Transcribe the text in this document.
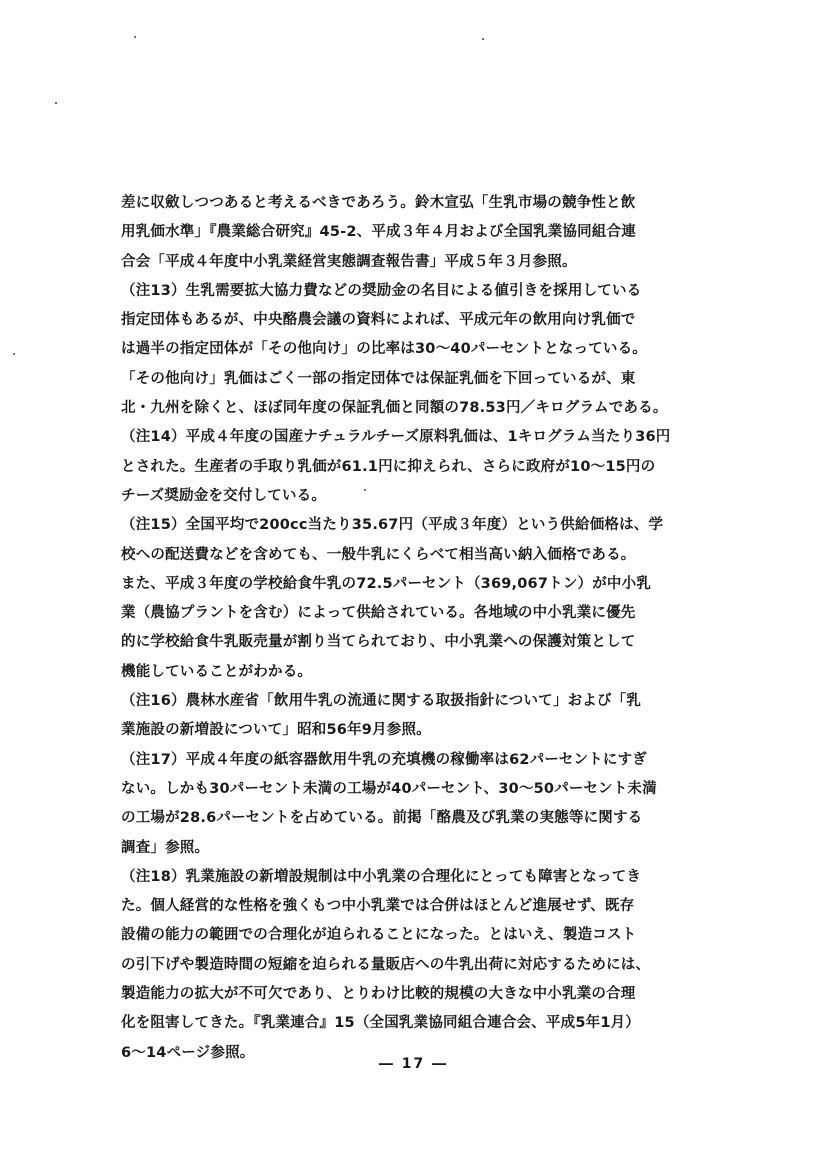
差に収斂しつつあると考えるべきであろう。鈴木宣弘「生乳市場の競争性と飲
用乳価水準」『農業総合研究』45-2、平成３年４月および全国乳業協同組合連
合会「平成４年度中小乳業経営実態調査報告書」平成５年３月参照。
（注13）生乳需要拡大協力費などの奨励金の名目による値引きを採用している
指定団体もあるが、中央酪農会議の資料によれば、平成元年の飲用向け乳価で
は過半の指定団体が「その他向け」の比率は30～40パーセントとなっている。
「その他向け」乳価はごく一部の指定団体では保証乳価を下回っているが、東
北・九州を除くと、ほぼ同年度の保証乳価と同額の78.53円／キログラムである。
（注14）平成４年度の国産ナチュラルチーズ原料乳価は、1キログラム当たり36円
とされた。生産者の手取り乳価が61.1円に抑えられ、さらに政府が10～15円の
チーズ奨励金を交付している。
（注15）全国平均で200cc当たり35.67円（平成３年度）という供給価格は、学
校への配送費などを含めても、一般牛乳にくらべて相当高い納入価格である。
また、平成３年度の学校給食牛乳の72.5パーセント（369,067トン）が中小乳
業（農協プラントを含む）によって供給されている。各地域の中小乳業に優先
的に学校給食牛乳販売量が割り当てられており、中小乳業への保護対策として
機能していることがわかる。
（注16）農林水産省「飲用牛乳の流通に関する取扱指針について」および「乳
業施設の新増設について」昭和56年9月参照。
（注17）平成４年度の紙容器飲用牛乳の充填機の稼働率は62パーセントにすぎ
ない。しかも30パーセント未満の工場が40パーセント、30～50パーセント未満
の工場が28.6パーセントを占めている。前掲「酪農及び乳業の実態等に関する
調査」参照。
（注18）乳業施設の新増設規制は中小乳業の合理化にとっても障害となってき
た。個人経営的な性格を強くもつ中小乳業では合併はほとんど進展せず、既存
設備の能力の範囲での合理化が迫られることになった。とはいえ、製造コスト
の引下げや製造時間の短縮を迫られる量販店への牛乳出荷に対応するためには、
製造能力の拡大が不可欠であり、とりわけ比較的規模の大きな中小乳業の合理
化を阻害してきた。『乳業連合』15（全国乳業協同組合連合会、平成5年1月）
6～14ページ参照。
― 17 ―
